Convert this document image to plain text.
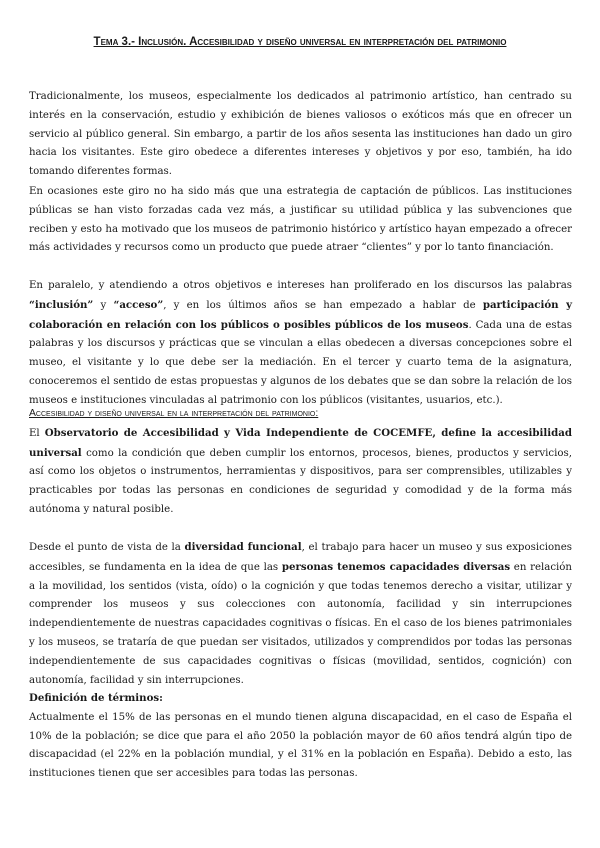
Tema 3.- Inclusión. Accesibilidad y diseño universal en interpretación del patrimonio

Tradicionalmente, los museos, especialmente los dedicados al patrimonio artístico, han centrado su interés en la conservación, estudio y exhibición de bienes valiosos o exóticos más que en ofrecer un servicio al público general. Sin embargo, a partir de los años sesenta las instituciones han dado un giro hacia los visitantes. Este giro obedece a diferentes intereses y objetivos y por eso, también, ha ido tomando diferentes formas.

En ocasiones este giro no ha sido más que una estrategia de captación de públicos. Las instituciones públicas se han visto forzadas cada vez más, a justificar su utilidad pública y las subvenciones que reciben y esto ha motivado que los museos de patrimonio histórico y artístico hayan empezado a ofrecer más actividades y recursos como un producto que puede atraer “clientes” y por lo tanto financiación.

En paralelo, y atendiendo a otros objetivos e intereses han proliferado en los discursos las palabras “inclusión” y “acceso”, y en los últimos años se han empezado a hablar de participación y colaboración en relación con los públicos o posibles públicos de los museos. Cada una de estas palabras y los discursos y prácticas que se vinculan a ellas obedecen a diversas concepciones sobre el museo, el visitante y lo que debe ser la mediación. En el tercer y cuarto tema de la asignatura, conoceremos el sentido de estas propuestas y algunos de los debates que se dan sobre la relación de los museos e instituciones vinculadas al patrimonio con los públicos (visitantes, usuarios, etc.).

Accesibilidad y diseño universal en la interpretación del patrimonio:
El Observatorio de Accesibilidad y Vida Independiente de COCEMFE, define la accesibilidad universal como la condición que deben cumplir los entornos, procesos, bienes, productos y servicios, así como los objetos o instrumentos, herramientas y dispositivos, para ser comprensibles, utilizables y practicables por todas las personas en condiciones de seguridad y comodidad y de la forma más autónoma y natural posible.

Desde el punto de vista de la diversidad funcional, el trabajo para hacer un museo y sus exposiciones accesibles, se fundamenta en la idea de que las personas tenemos capacidades diversas en relación a la movilidad, los sentidos (vista, oído) o la cognición y que todas tenemos derecho a visitar, utilizar y comprender los museos y sus colecciones con autonomía, facilidad y sin interrupciones independientemente de nuestras capacidades cognitivas o físicas. En el caso de los bienes patrimoniales y los museos, se trataría de que puedan ser visitados, utilizados y comprendidos por todas las personas independientemente de sus capacidades cognitivas o físicas (movilidad, sentidos, cognición) con autonomía, facilidad y sin interrupciones.

Definición de términos:
Actualmente el 15% de las personas en el mundo tienen alguna discapacidad, en el caso de España el 10% de la población; se dice que para el año 2050 la población mayor de 60 años tendrá algún tipo de discapacidad (el 22% en la población mundial, y el 31% en la población en España). Debido a esto, las instituciones tienen que ser accesibles para todas las personas.
